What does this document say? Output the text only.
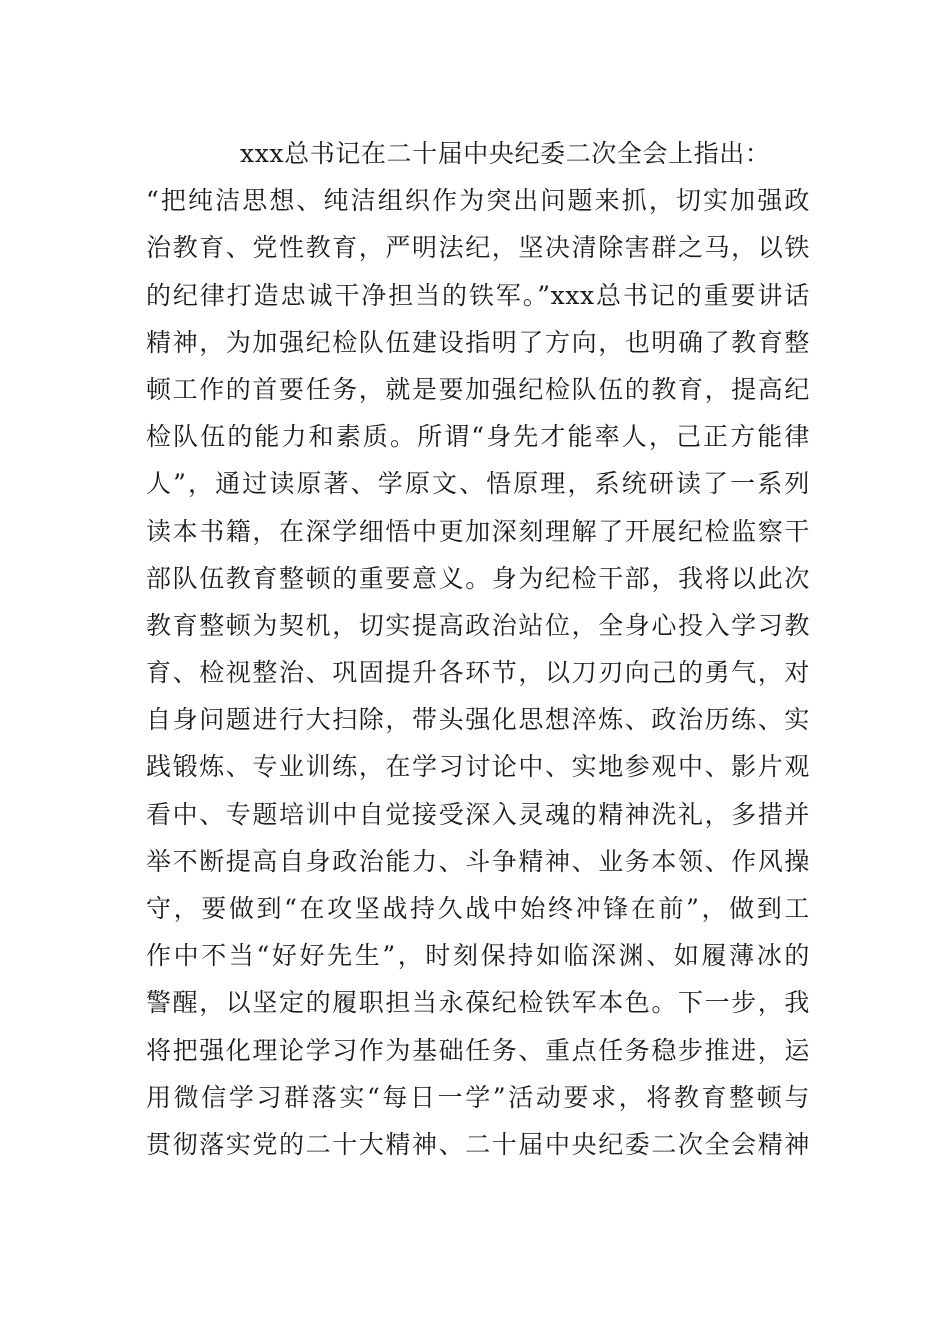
xxx总书记在二十届中央纪委二次全会上指出：
“把纯洁思想、纯洁组织作为突出问题来抓，切实加强政
治教育、党性教育，严明法纪，坚决清除害群之马，以铁
的纪律打造忠诚干净担当的铁军。”xxx总书记的重要讲话
精神，为加强纪检队伍建设指明了方向，也明确了教育整
顿工作的首要任务，就是要加强纪检队伍的教育，提高纪
检队伍的能力和素质。所谓“身先才能率人，己正方能律
人”，通过读原著、学原文、悟原理，系统研读了一系列
读本书籍，在深学细悟中更加深刻理解了开展纪检监察干
部队伍教育整顿的重要意义。身为纪检干部，我将以此次
教育整顿为契机，切实提高政治站位，全身心投入学习教
育、检视整治、巩固提升各环节，以刀刃向己的勇气，对
自身问题进行大扫除，带头强化思想淬炼、政治历练、实
践锻炼、专业训练，在学习讨论中、实地参观中、影片观
看中、专题培训中自觉接受深入灵魂的精神洗礼，多措并
举不断提高自身政治能力、斗争精神、业务本领、作风操
守，要做到“在攻坚战持久战中始终冲锋在前”，做到工
作中不当“好好先生”，时刻保持如临深渊、如履薄冰的
警醒，以坚定的履职担当永葆纪检铁军本色。下一步，我
将把强化理论学习作为基础任务、重点任务稳步推进，运
用微信学习群落实“每日一学”活动要求，将教育整顿与
贯彻落实党的二十大精神、二十届中央纪委二次全会精神
